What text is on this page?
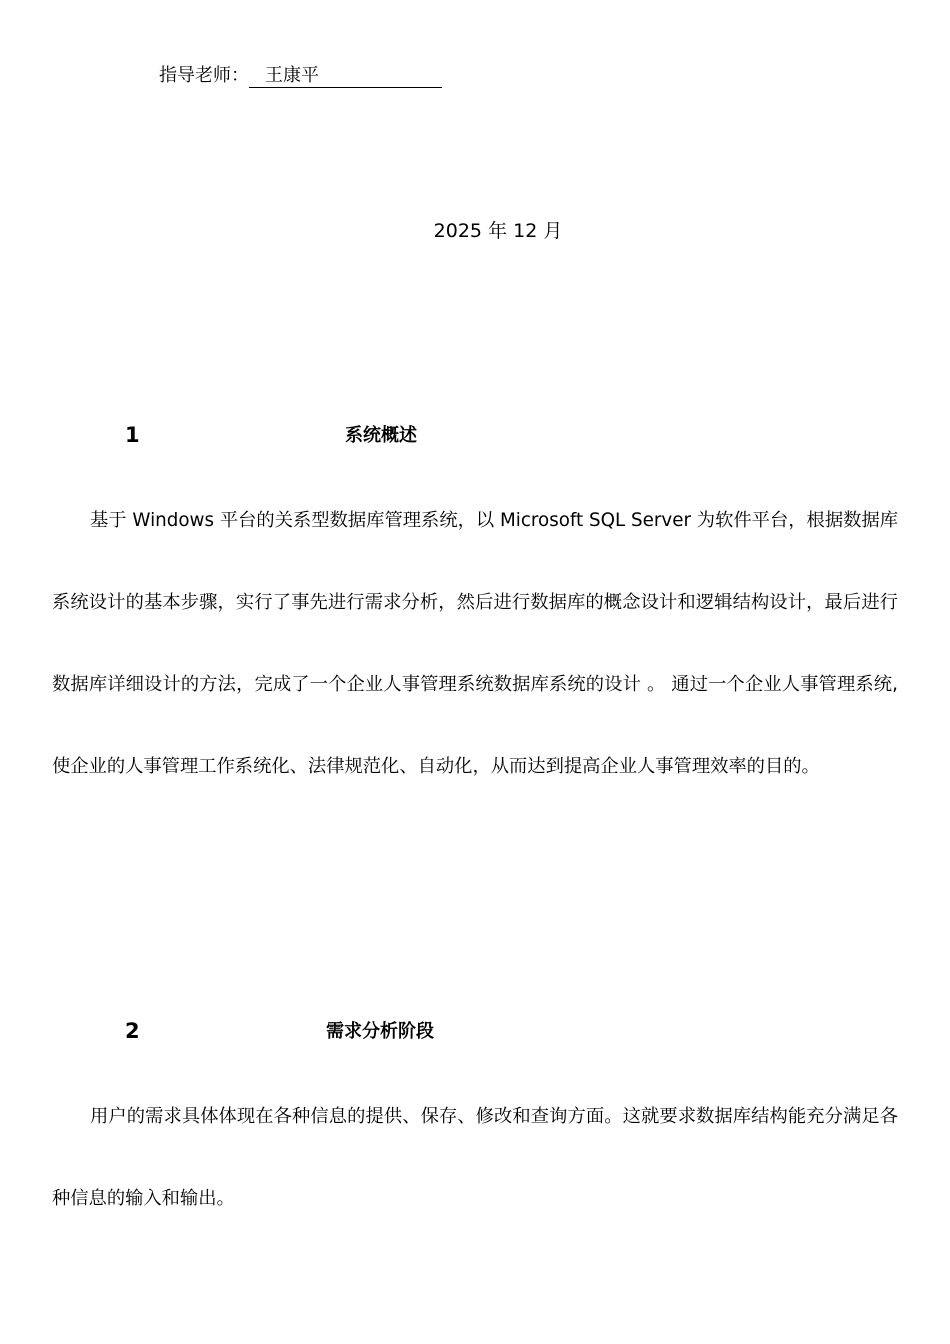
指导老师： 王康平
2025 年 12 月
1	系统概述

基于 Windows 平台的关系型数据库管理系统，以 Microsoft SQL Server 为软件平台，根据数据库系统设计的基本步骤，实行了事先进行需求分析，然后进行数据库的概念设计和逻辑结构设计，最后进行数据库详细设计的方法，完成了一个企业人事管理系统数据库系统的设计 。 通过一个企业人事管理系统,使企业的人事管理工作系统化、法律规范化、自动化，从而达到提高企业人事管理效率的目的。

2	需求分析阶段

用户的需求具体体现在各种信息的提供、保存、修改和查询方面。这就要求数据库结构能充分满足各种信息的输入和输出。
